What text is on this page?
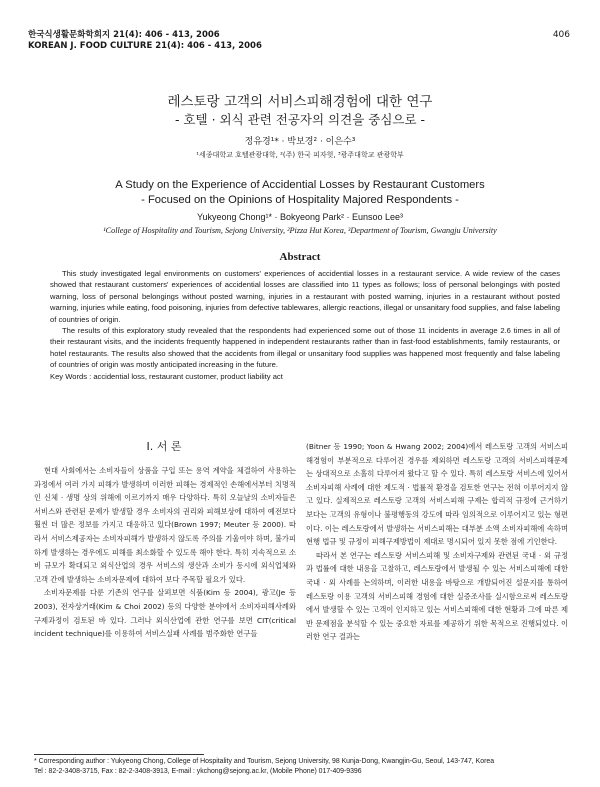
한국식생활문화학회지 21(4): 406 - 413, 2006
KOREAN J. FOOD CULTURE 21(4): 406 - 413, 2006
406
레스토랑 고객의 서비스피해경험에 대한 연구
- 호텔 · 외식 관련 전공자의 의견을 중심으로 -
정유경¹* · 박보경² · 이은수³
¹세종대학교 호텔관광대학, ²(주) 한국 피자헛, ³광주대학교 관광학부
A Study on the Experience of Accidential Losses by Restaurant Customers
- Focused on the Opinions of Hospitality Majored Respondents -
Yukyeong Chong¹* · Bokyeong Park² · Eunsoo Lee³
¹College of Hospitality and Tourism, Sejong University, ²Pizza Hut Korea, ³Department of Tourism, Gwangju University
Abstract

This study investigated legal environments on customers' experiences of accidential losses in a restaurant service. A wide review of the cases showed that restaurant customers' experiences of accidential losses are classified into 11 types as follows; loss of personal belongings with posted warning, loss of personal belongings without posted warning, injuries in a restaurant with posted warning, injuries in a restaurant without posted warning, injuries while eating, food poisoning, injuries from defective tablewares, allergic reactions, illegal or unsanitary food supplies, and false labeling of countries of origin.

The results of this exploratory study revealed that the respondents had experienced some out of those 11 incidents in average 2.6 times in all of their restaurant visits, and the incidents frequently happened in independent restaurants rather than in fast-food establishments, family restaurants, or hotel restaurants. The results also showed that the accidents from illegal or unsanitary food supplies was happened most frequently and false labeling of countries of origin was mostly anticipated increasing in the future.

Key Words : accidential loss, restaurant customer, product liability act

I. 서 론

현대 사회에서는 소비자들이 상품을 구입 또는 용역 계약을 체결하여 사용하는 과정에서 여러 가지 피해가 발생하며 이러한 피해는 경제적인 손해에서부터 치명적인 신체 · 생명 상의 위해에 이르기까지 매우 다양하다. 특히 오늘날의 소비자들은 서비스와 관련된 문제가 발생할 경우 소비자의 권리와 피해보상에 대하여 예전보다 훨씬 더 많은 정보를 가지고 대응하고 있다(Brown 1997; Meuter 등 2000). 따라서 서비스제공자는 소비자피해가 발생하지 않도록 주의를 기울여야 하며, 불가피하게 발생하는 경우에도 피해를 최소화할 수 있도록 해야 한다. 특히 지속적으로 소비 규모가 확대되고 외식산업의 경우 서비스의 생산과 소비가 동시에 외식업체와 고객 간에 발생하는 소비자문제에 대하여 보다 주목할 필요가 있다.

소비자문제를 다룬 기존의 연구를 살펴보면 식품(Kim 등 2004), 광고(Je 등 2003), 전자상거래(Kim & Choi 2002) 등의 다양한 분야에서 소비자피해사례와 구제과정이 검토된 바 있다. 그러나 외식산업에 관한 연구를 보면 CIT(critical incident technique)를 이용하여 서비스실패 사례를 범주화한 연구들

(Bitner 등 1990; Yoon & Hwang 2002; 2004)에서 레스토랑 고객의 서비스피해경험이 부분적으로 다루어진 경우를 제외하면 레스토랑 고객의 서비스피해문제는 상대적으로 소홀히 다루어져 왔다고 할 수 있다. 특히 레스토랑 서비스에 있어서 소비자피해 사례에 대한 제도적 · 법률적 환경을 검토한 연구는 전혀 이루어지지 않고 있다. 실제적으로 레스토랑 고객의 서비스피해 구제는 합리적 규정에 근거하기보다는 고객의 유형이나 불평행동의 강도에 따라 임의적으로 이루어지고 있는 형편이다. 이는 레스토랑에서 발생하는 서비스피해는 대부분 소액 소비자피해에 속하며 현행 법규 및 규정이 피해구제방법이 제대로 명시되어 있지 못한 점에 기인한다.

따라서 본 연구는 레스토랑 서비스피해 및 소비자구제와 관련된 국내 · 외 규정과 법률에 대한 내용을 고찰하고, 레스토랑에서 발생될 수 있는 서비스피해에 대한 국내 · 외 사례를 논의하며, 이러한 내용을 바탕으로 개발되어진 설문지를 통하여 레스토랑 이용 고객의 서비스피해 경험에 대한 실증조사를 실시함으로써 레스토랑에서 발생할 수 있는 고객이 인지하고 있는 서비스피해에 대한 현황과 그에 따른 제반 문제점을 분석할 수 있는 중요한 자료를 제공하기 위한 목적으로 진행되었다. 이러한 연구 결과는

* Corresponding author : Yukyeong Chong, College of Hospitality and Tourism, Sejong University, 98 Kunja-Dong, Kwangjin-Gu, Seoul, 143-747, Korea
Tel : 82-2-3408-3715, Fax : 82-2-3408-3913, E-mail : ykchong@sejong.ac.kr, (Mobile Phone) 017-409-9396
